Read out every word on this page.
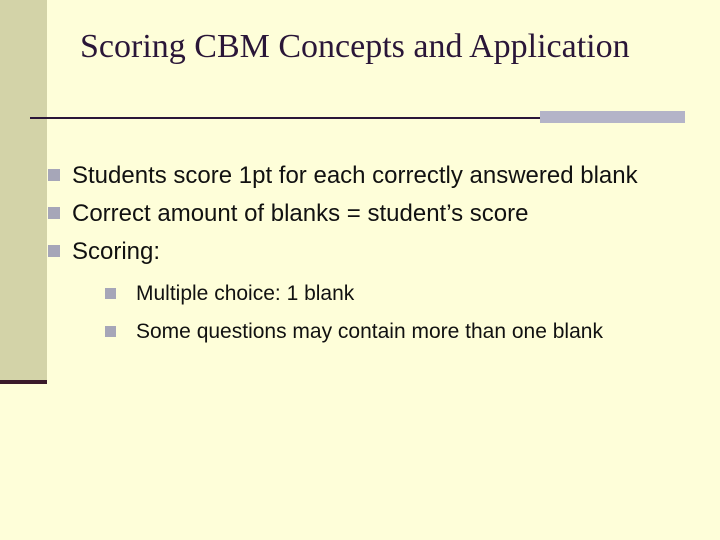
Scoring CBM Concepts and Application
Students score 1pt for each correctly answered blank
Correct amount of blanks = student’s score
Scoring:
Multiple choice: 1 blank
Some questions may contain more than one blank
